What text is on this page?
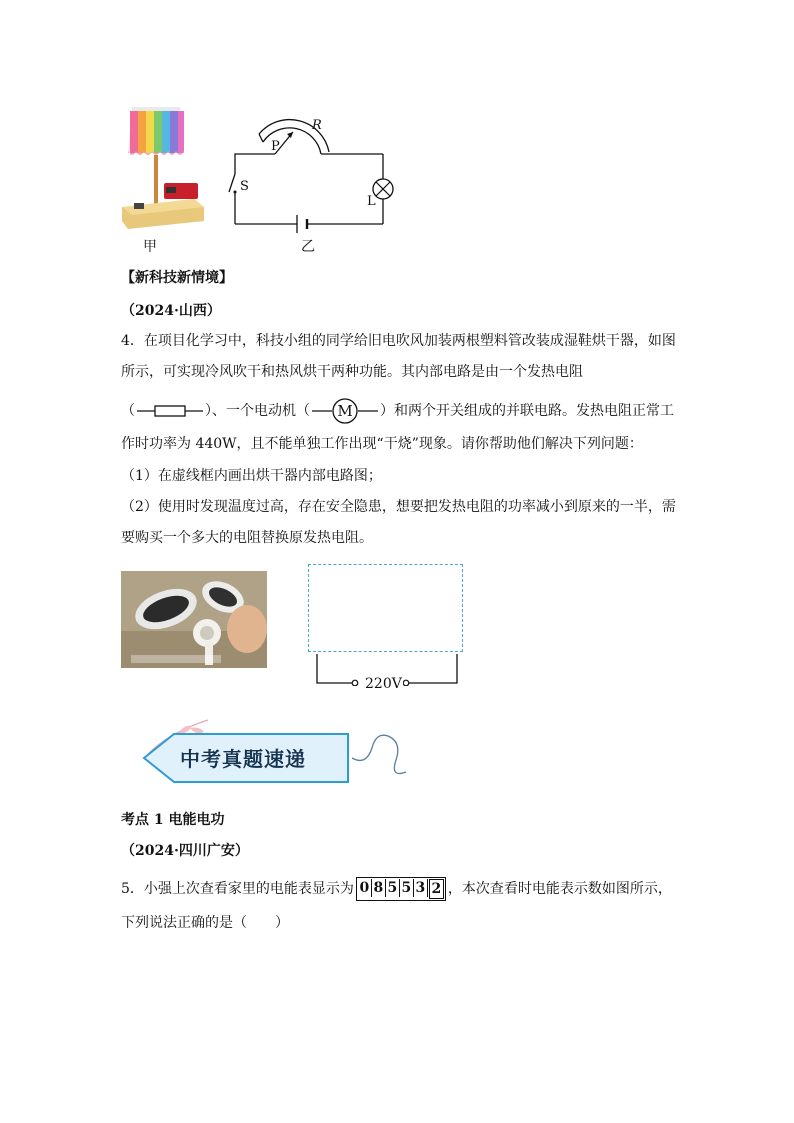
甲
P
R
S
L
乙
【新科技新情境】
（2024·山西）
4．在项目化学习中，科技小组的同学给旧电吹风加装两根塑料管改装成湿鞋烘干器，如图
所示，可实现冷风吹干和热风烘干两种功能。其内部电路是由一个发热电阻
（	）、一个电动机（	M	）和两个开关组成的并联电路。发热电阻正常工
作时功率为 440W，且不能单独工作出现“干烧”现象。请你帮助他们解决下列问题：
（1）在虚线框内画出烘干器内部电路图；
（2）使用时发现温度过高，存在安全隐患，想要把发热电阻的功率减小到原来的一半，需
要购买一个多大的电阻替换原发热电阻。
220V
中考真题速递
考点 1 电能电功
（2024·四川广安）
5．小强上次查看家里的电能表显示为 0 8 5 5 3 2 ，本次查看时电能表示数如图所示，
下列说法正确的是（　　）
